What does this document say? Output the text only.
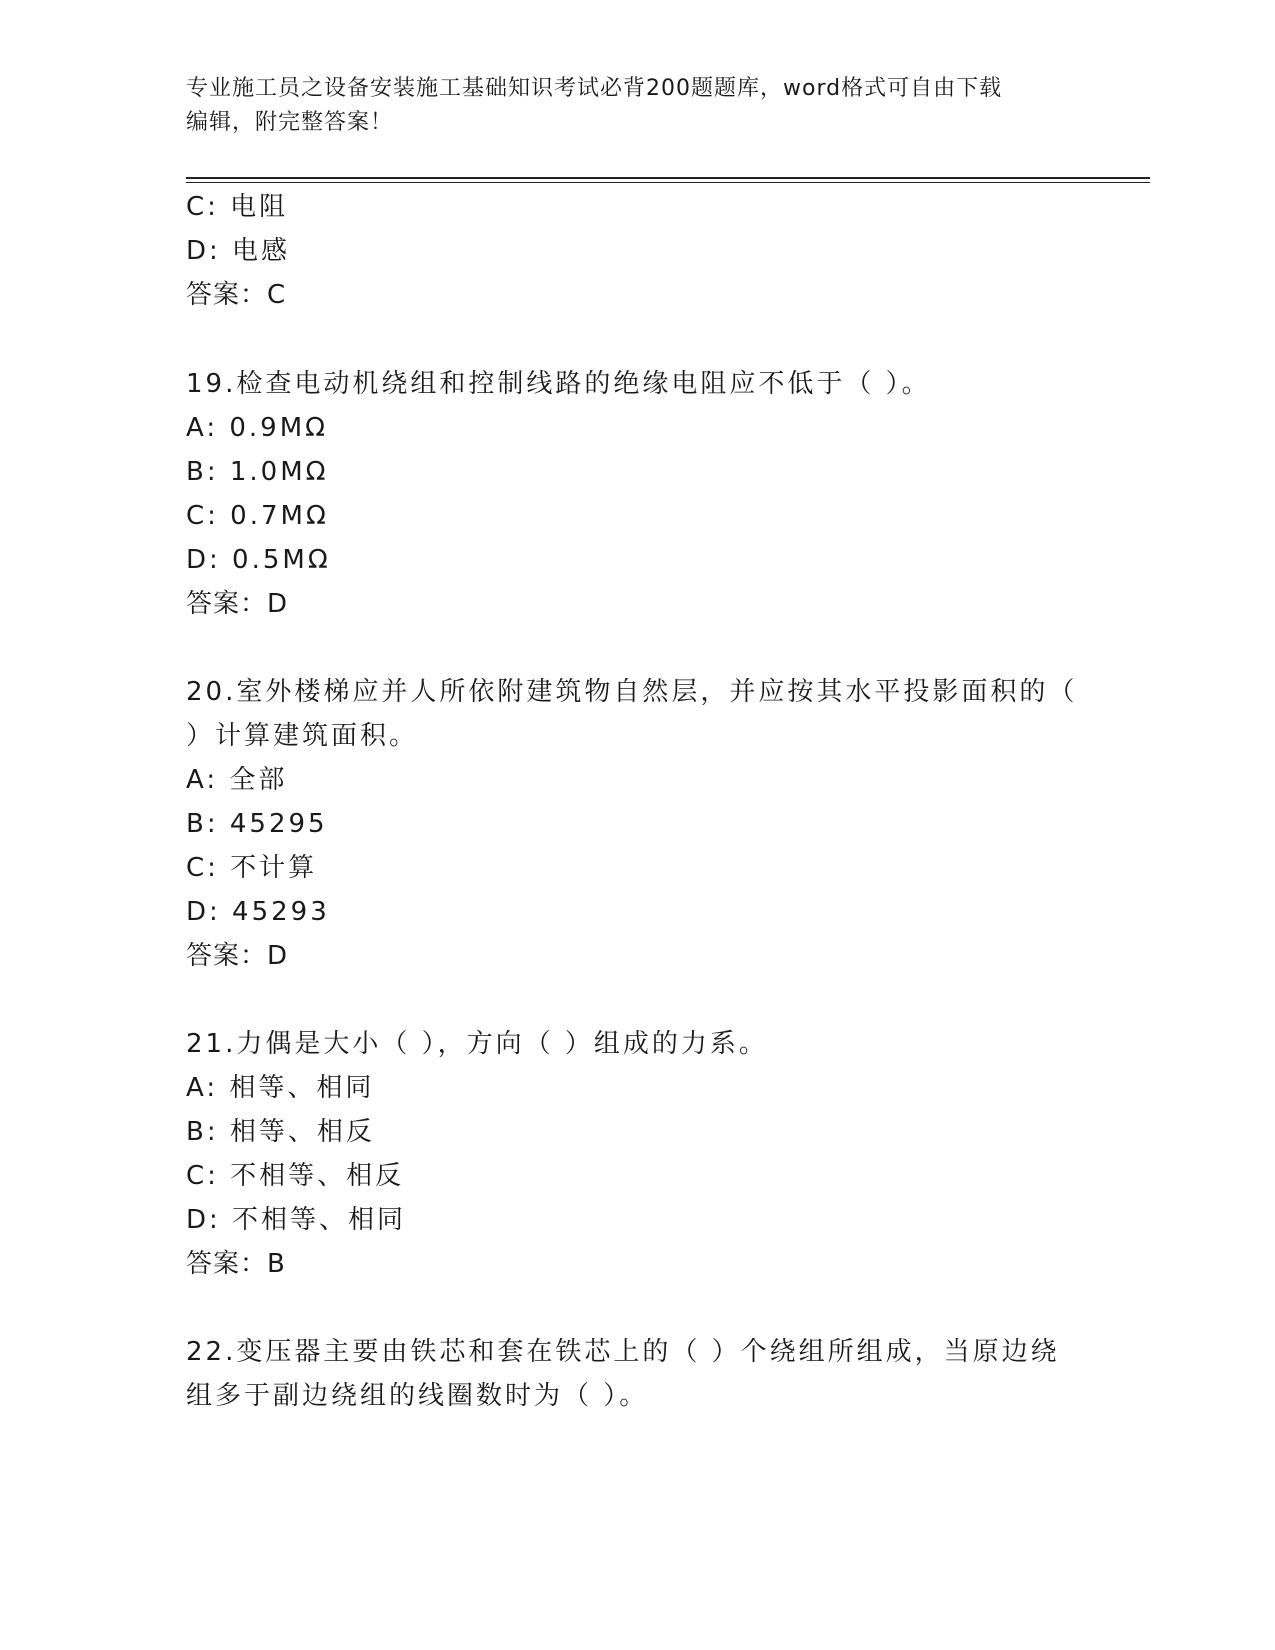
专业施工员之设备安装施工基础知识考试必背200题题库，word格式可自由下载
编辑，附完整答案！
C: 电阻
D: 电感
答案：C
19.检查电动机绕组和控制线路的绝缘电阻应不低于（ ）。
A: 0.9MΩ
B: 1.0MΩ
C: 0.7MΩ
D: 0.5MΩ
答案：D
20.室外楼梯应并人所依附建筑物自然层，并应按其水平投影面积的（
）计算建筑面积。
A: 全部
B: 45295
C: 不计算
D: 45293
答案：D
21.力偶是大小（ ），方向（ ）组成的力系。
A: 相等、相同
B: 相等、相反
C: 不相等、相反
D: 不相等、相同
答案：B
22.变压器主要由铁芯和套在铁芯上的（ ）个绕组所组成，当原边绕
组多于副边绕组的线圈数时为（ ）。
